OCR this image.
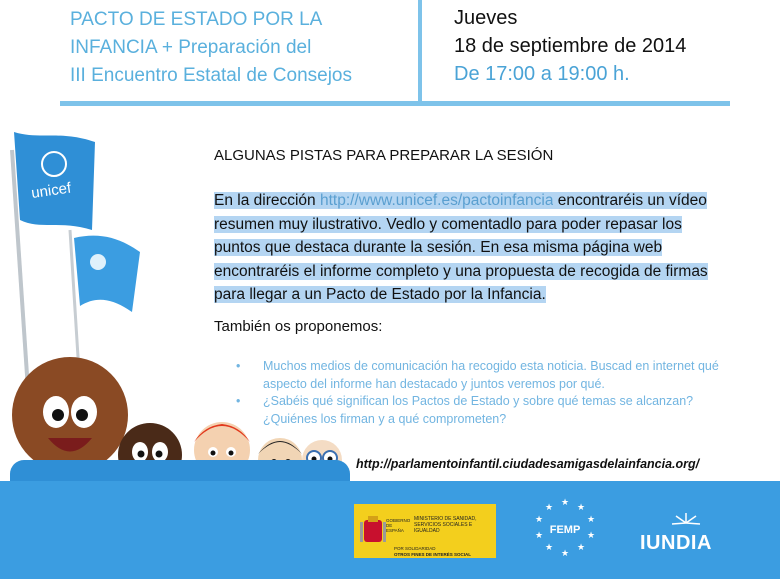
PACTO DE ESTADO POR LA
INFANCIA + Preparación del
III Encuentro Estatal de Consejos
Jueves
18 de septiembre de 2014
De 17:00 a 19:00 h.
unicef

ALGUNAS PISTAS PARA PREPARAR LA SESIÓN

En la dirección http://www.unicef.es/pactoinfancia encontraréis un vídeo resumen muy ilustrativo. Vedlo y comentadlo para poder repasar los puntos que destaca durante la sesión. En esa misma página web encontraréis el informe completo y una propuesta de recogida de firmas para llegar a un Pacto de Estado por la Infancia.

También os proponemos:

• Muchos medios de comunicación ha recogido esta noticia. Buscad en internet qué aspecto del informe han destacado y juntos veremos por qué.
• ¿Sabéis qué significan los Pactos de Estado y sobre qué temas se alcanzan? ¿Quiénes los firman y a qué comprometen?
http://parlamentoinfantil.ciudadesamigasdelainfancia.org/
GOBIERNO DE ESPAÑA
MINISTERIO DE SANIDAD, SERVICIOS SOCIALES E IGUALDAD
POR SOLIDARIDAD
OTROS FINES DE INTERÉS SOCIAL
★ ★
★
★
★
★
★
★
★
★
FEMP
IUNDIA
